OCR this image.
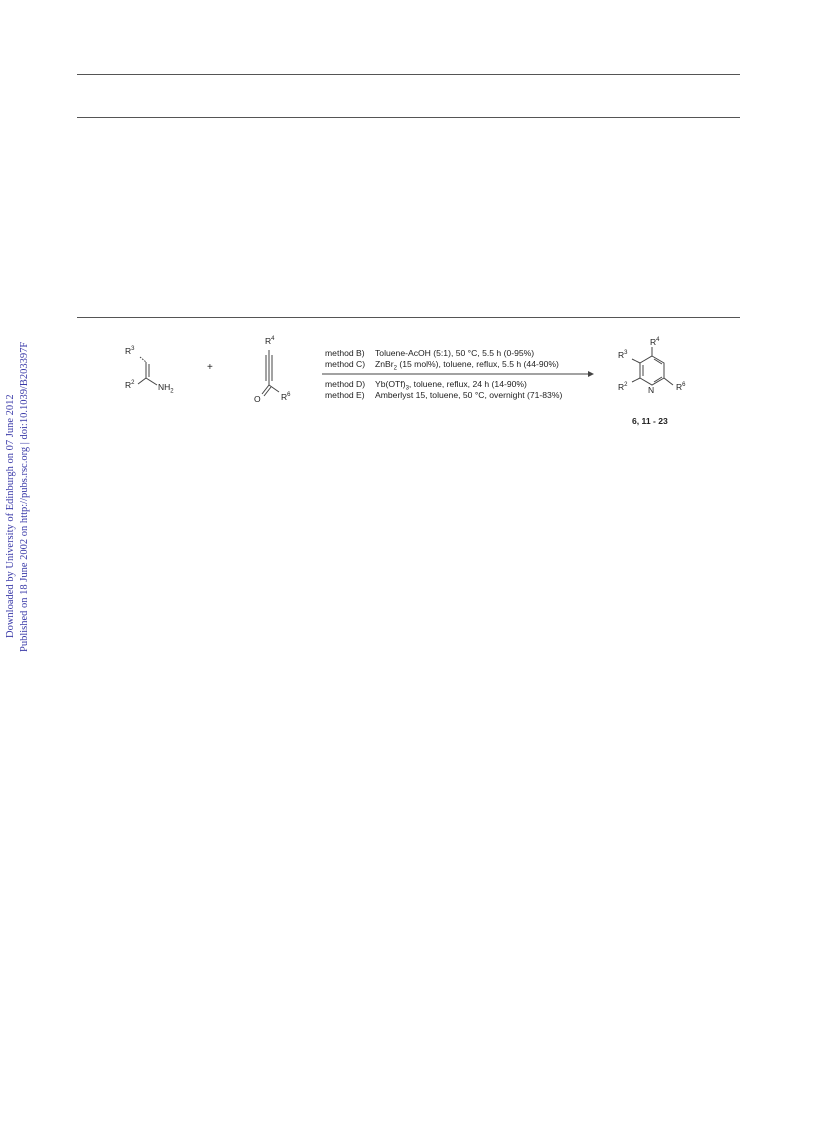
Downloaded by University of Edinburgh on 07 June 2012 Published on 18 June 2002 on http://pubs.rsc.org | doi:10.1039/B203397F	$R^3$
$R^2$	$NH_2$
+
$R^4$
O $R^6$
method B) Toluene-AcOH (5:1), 50 °C, 5.5 h (0-95%)
method C) ZnBr$_2$ (15 mol%), toluene, reflux, 5.5 h (44-90%)
method D) $Yb(OTf)_3$, toluene, reflux, 24 h (14-90%)
method E) Amberlyst 15, toluene, 50 °C, overnight (71-83%)
$R^4$
$R^3$
$R^2$ N	$R^6$
6, 11 - 23
